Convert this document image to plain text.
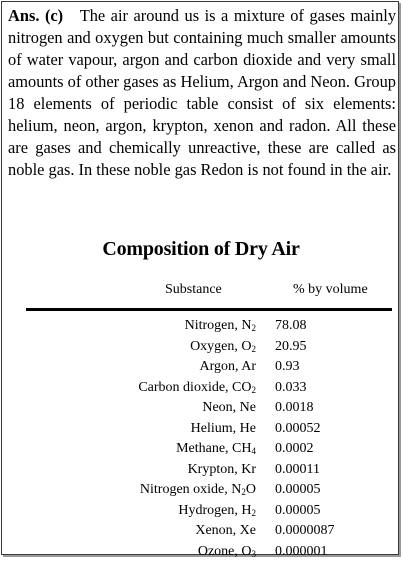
Ans. (c) The air around us is a mixture of gases mainly nitrogen and oxygen but containing much smaller amounts of water vapour, argon and carbon dioxide and very small amounts of other gases as Helium, Argon and Neon. Group 18 elements of periodic table consist of six elements: helium, neon, argon, krypton, xenon and radon. All these are gases and chemically unreactive, these are called as noble gas. In these noble gas Redon is not found in the air.
Composition of Dry Air
Substance	% by volume
Nitrogen, $N_2$ 78.08
Oxygen, $O_2$ 20.95
Argon, Ar 0.93
Carbon dioxide, $CO_2$ 0.033
Neon, Ne 0.0018
Helium, He 0.00052
Methane, $CH_4$ 0.0002
Krypton, Kr 0.00011
Nitrogen oxide, $N_2O$ 0.00005
Hydrogen, $H_2$ 0.00005
Xenon, Xe 0.0000087
Ozone, $O_3$ 0.000001
